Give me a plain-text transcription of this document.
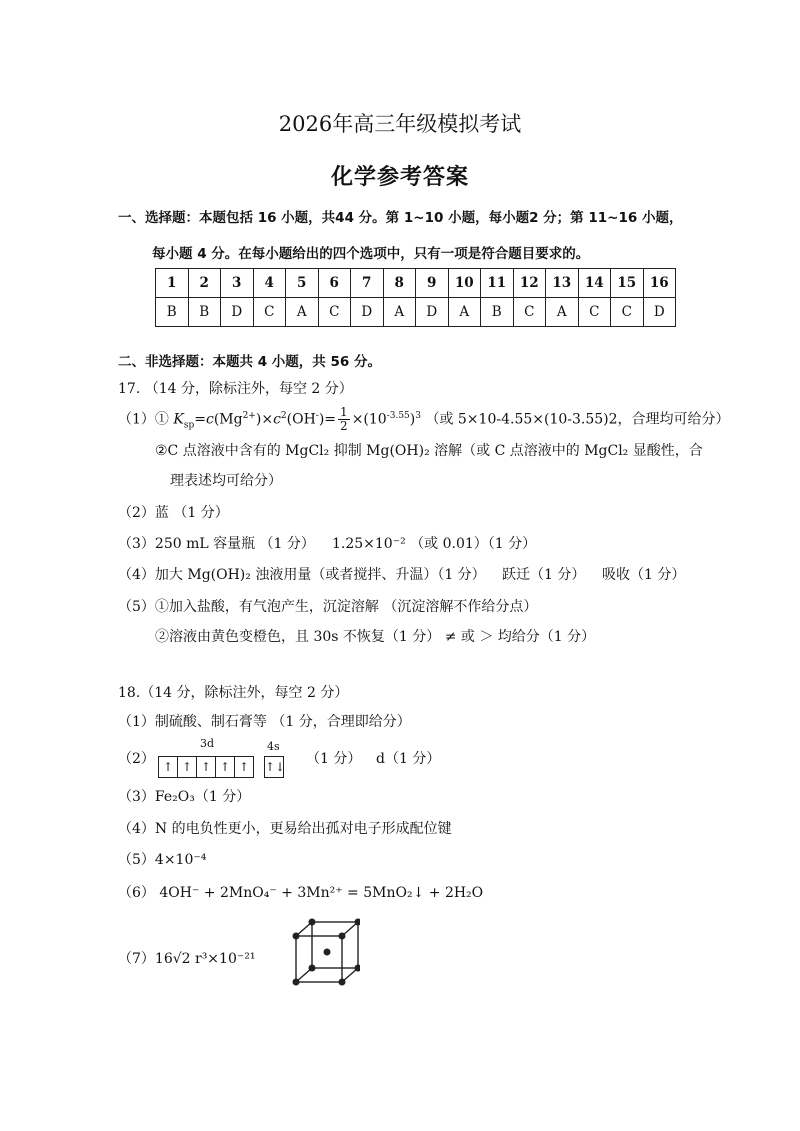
2026年高三年级模拟考试
化学参考答案
一、选择题：本题包括 16 小题，共44 分。第 1~10 小题，每小题2 分；第 11~16 小题，
每小题 4 分。在每小题给出的四个选项中，只有一项是符合题目要求的。
1	2	3	4	5	6	7	8	9	10	11	12	13	14	15	16
B	B	D	C	A	C	D	A	D	A	B	C	A	C	C	D
二、非选择题：本题共 4 小题，共 56 分。
17. （14 分，除标注外，每空 2 分）
（1）① $K_{sp}=c(Mg^{2+})\times c^2(OH^-)= \frac{1}{2} \times(10^{-3.55})^3$ （或 5×10-4.55×(10-3.55)2，合理均可给分）
②C 点溶液中含有的 MgCl₂ 抑制 Mg(OH)₂ 溶解（或 C 点溶液中的 MgCl₂ 显酸性，合
理表述均可给分）
（2）蓝 （1 分）
（3）250 mL 容量瓶 （1 分） 1.25×10⁻² （或 0.01）（1 分）
（4）加大 Mg(OH)₂ 浊液用量（或者搅拌、升温）（1 分） 跃迁（1 分） 吸收（1 分）
（5）①加入盐酸，有气泡产生，沉淀溶解 （沉淀溶解不作给分点）
②溶液由黄色变橙色，且 30s 不恢复（1 分） ≠ 或 ＞ 均给分（1 分）
18.（14 分，除标注外，每空 2 分）
（1）制硫酸、制石膏等 （1 分，合理即给分）
（2）
3d	4s
↑ ↑ ↑ ↑ ↑	↑↓ （1 分） d（1 分）
（3）Fe₂O₃（1 分）
（4）N 的电负性更小，更易给出孤对电子形成配位键
（5）4×10⁻⁴
（6） 4OH⁻ + 2MnO₄⁻ + 3Mn²⁺ = 5MnO₂↓ + 2H₂O
（7）16√2 r³×10⁻²¹
